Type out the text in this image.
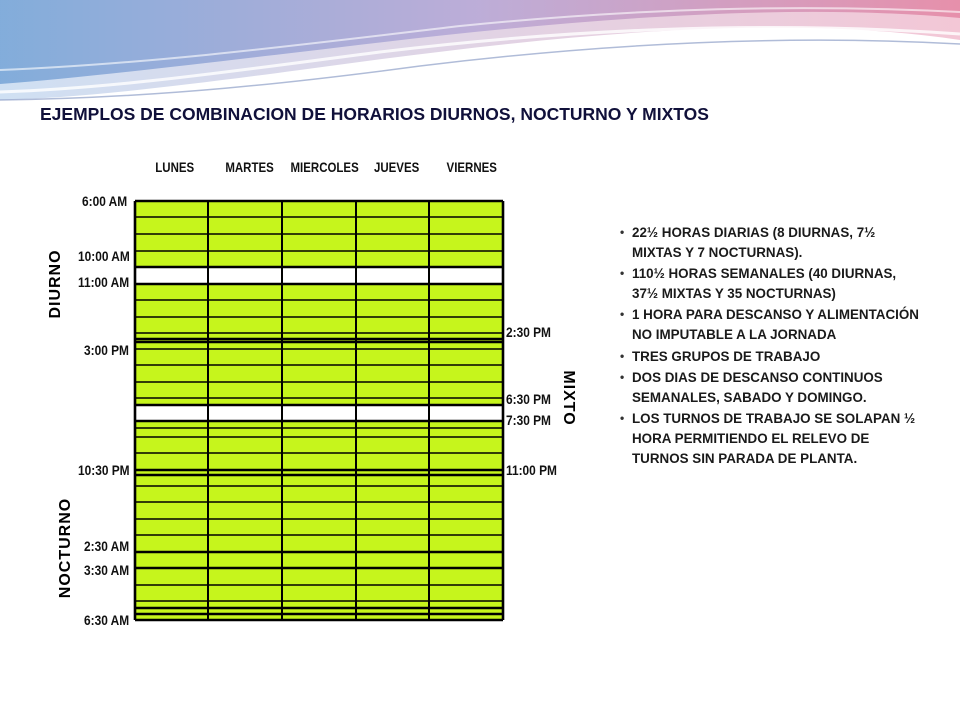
EJEMPLOS DE COMBINACION DE HORARIOS DIURNOS, NOCTURNO Y MIXTOS
LUNES MARTES MIERCOLES JUEVES VIERNES
6:00 AM
10:00 AM
11:00 AM
3:00 PM
10:30 PM
2:30 AM
3:30 AM
6:30 AM
2:30 PM
6:30 PM
7:30 PM
11:00 PM
DIURNO
NOCTURNO
MIXTO
• 22½ HORAS DIARIAS (8 DIURNAS, 7½ MIXTAS Y 7 NOCTURNAS).
• 110½ HORAS SEMANALES (40 DIURNAS, 37½ MIXTAS Y 35 NOCTURNAS)
• 1 HORA PARA DESCANSO Y ALIMENTACIÓN NO IMPUTABLE A LA JORNADA
• TRES GRUPOS DE TRABAJO
• DOS DIAS DE DESCANSO CONTINUOS SEMANALES, SABADO Y DOMINGO.
• LOS TURNOS DE TRABAJO SE SOLAPAN ½ HORA PERMITIENDO EL RELEVO DE TURNOS SIN PARADA DE PLANTA.
